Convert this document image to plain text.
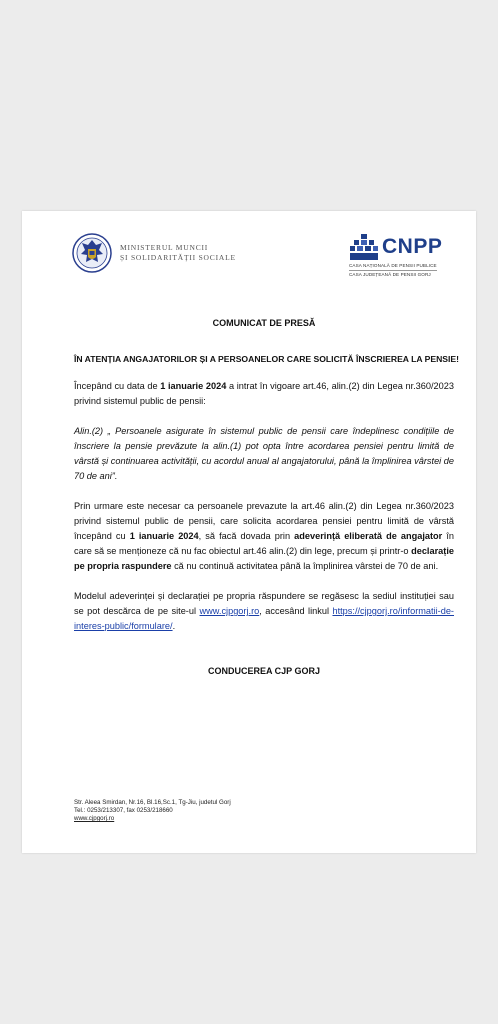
MINISTERUL MUNCII
ȘI SOLIDARITĂȚII SOCIALE	CNPP
CASA NAȚIONALĂ DE PENSII PUBLICE
CASA JUDEȚEANĂ DE PENSII GORJ
COMUNICAT DE PRESĂ
ÎN ATENȚIA ANGAJATORILOR ȘI A PERSOANELOR CARE SOLICITĂ ÎNSCRIEREA LA PENSIE!

Începând cu data de 1 ianuarie 2024 a intrat în vigoare art.46, alin.(2) din Legea nr.360/2023 privind sistemul public de pensii:

Alin.(2) „ Persoanele asigurate în sistemul public de pensii care îndeplinesc condițiile de înscriere la pensie prevăzute la alin.(1) pot opta între acordarea pensiei pentru limită de vârstă și continuarea activității, cu acordul anual al angajatorului, până la împlinirea vârstei de 70 de ani”.

Prin urmare este necesar ca persoanele prevazute la art.46 alin.(2) din Legea nr.360/2023 privind sistemul public de pensii, care solicita acordarea pensiei pentru limită de vârstă începând cu 1 ianuarie 2024, să facă dovada prin adeverință eliberată de angajator în care să se menționeze că nu fac obiectul art.46 alin.(2) din lege, precum și printr-o declarație pe propria raspundere că nu continuă activitatea până la împlinirea vârstei de 70 de ani.

Modelul adeverinței și declarației pe propria răspundere se regăsesc la sediul instituției sau se pot descărca de pe site-ul www.cjpgorj.ro, accesând linkul https://cjpgorj.ro/informatii-de-interes-public/formulare/.

CONDUCEREA CJP GORJ
Str. Aleea Smirdan, Nr.16, Bl.16,Sc.1, Tg-Jiu, judetul Gorj
Tel.: 0253/213307, fax 0253/218660
www.cjpgorj.ro
